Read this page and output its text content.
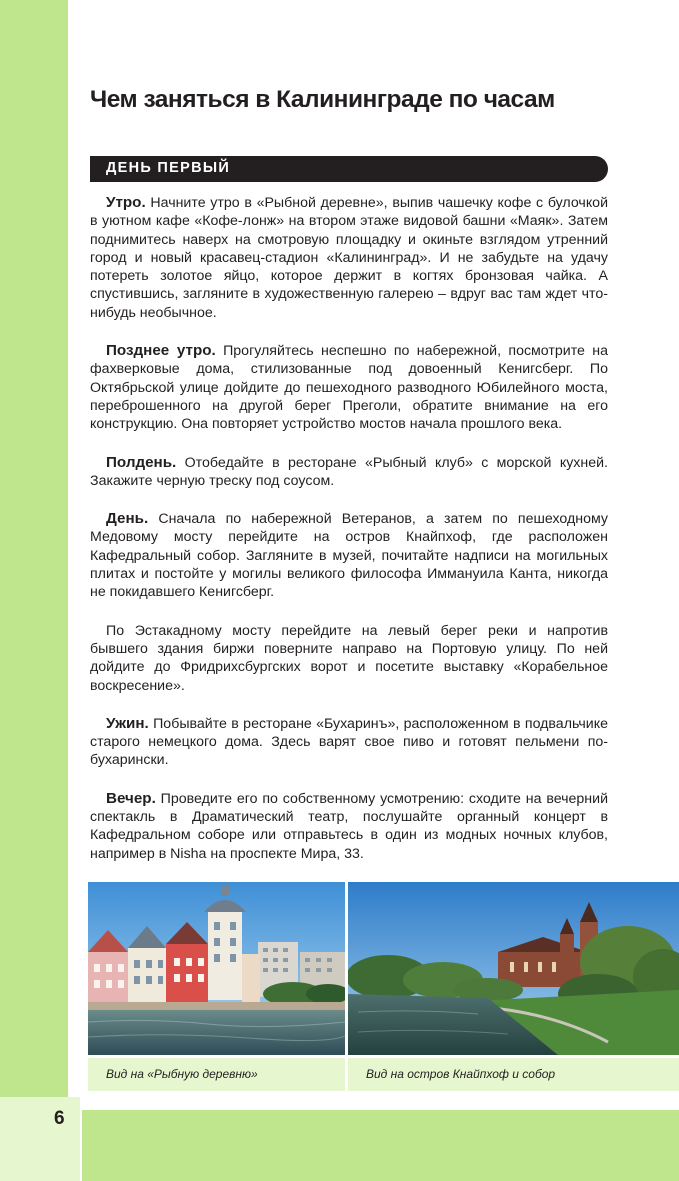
6
Чем заняться в Калининграде по часам
ДЕНЬ ПЕРВЫЙ

Утро. Начните утро в «Рыбной деревне», выпив чашечку кофе с булочкой в уютном кафе «Кофе-лонж» на втором этаже видовой башни «Маяк». Затем поднимитесь наверх на смотровую площадку и окиньте взглядом утренний город и новый красавец-стадион «Калининград». И не забудьте на удачу потереть золотое яйцо, которое держит в когтях бронзовая чайка. А спустившись, загляните в художественную галерею – вдруг вас там ждет что-нибудь необычное.

Позднее утро. Прогуляйтесь неспешно по набережной, посмотрите на фахверковые дома, стилизованные под довоенный Кенигсберг. По Октябрьской улице дойдите до пешеходного разводного Юбилейного моста, переброшенного на другой берег Преголи, обратите внимание на его конструкцию. Она повторяет устройство мостов начала прошлого века.

Полдень. Отобедайте в ресторане «Рыбный клуб» с морской кухней. Закажите черную треску под соусом.

День. Сначала по набережной Ветеранов, а затем по пешеходному Медовому мосту перейдите на остров Кнайпхоф, где расположен Кафедральный собор. Загляните в музей, почитайте надписи на могильных плитах и постойте у могилы великого философа Иммануила Канта, никогда не покидавшего Кенигсберг.

По Эстакадному мосту перейдите на левый берег реки и напротив бывшего здания биржи поверните направо на Портовую улицу. По ней дойдите до Фридрихсбургских ворот и посетите выставку «Корабельное воскресение».

Ужин. Побывайте в ресторане «Бухаринъ», расположенном в подвальчике старого немецкого дома. Здесь варят свое пиво и готовят пельмени по-бухарински.

Вечер. Проведите его по собственному усмотрению: сходите на вечерний спектакль в Драматический театр, послушайте органный концерт в Кафедральном соборе или отправьтесь в один из модных ночных клубов, например в Nisha на проспекте Мира, 33.

Вид на «Рыбную деревню»	Вид на остров Кнайпхоф и собор
